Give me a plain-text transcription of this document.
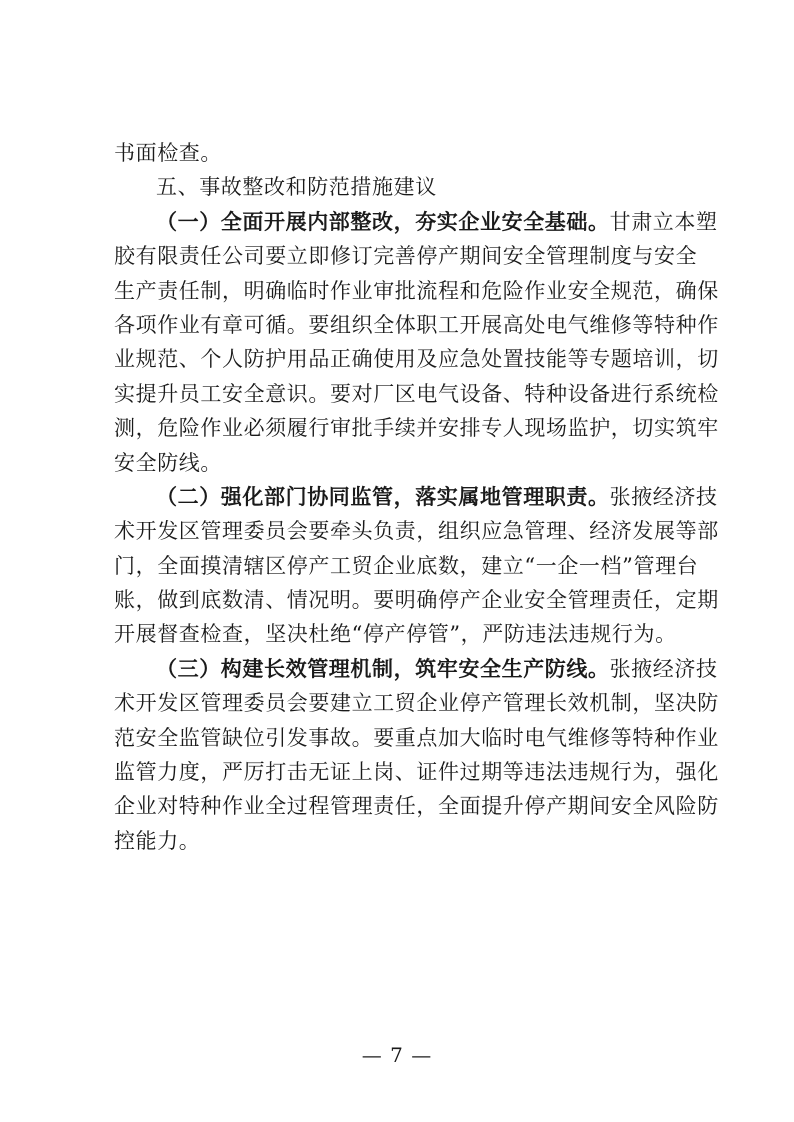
书面检查。
五、事故整改和防范措施建议
（一）全面开展内部整改，夯实企业安全基础。甘肃立本塑
胶有限责任公司要立即修订完善停产期间安全管理制度与安全
生产责任制，明确临时作业审批流程和危险作业安全规范，确保
各项作业有章可循。要组织全体职工开展高处电气维修等特种作
业规范、个人防护用品正确使用及应急处置技能等专题培训，切
实提升员工安全意识。要对厂区电气设备、特种设备进行系统检
测，危险作业必须履行审批手续并安排专人现场监护，切实筑牢
安全防线。
（二）强化部门协同监管，落实属地管理职责。张掖经济技
术开发区管理委员会要牵头负责，组织应急管理、经济发展等部
门，全面摸清辖区停产工贸企业底数，建立“一企一档”管理台
账，做到底数清、情况明。要明确停产企业安全管理责任，定期
开展督查检查，坚决杜绝“停产停管”，严防违法违规行为。
（三）构建长效管理机制，筑牢安全生产防线。张掖经济技
术开发区管理委员会要建立工贸企业停产管理长效机制，坚决防
范安全监管缺位引发事故。要重点加大临时电气维修等特种作业
监管力度，严厉打击无证上岗、证件过期等违法违规行为，强化
企业对特种作业全过程管理责任，全面提升停产期间安全风险防
控能力。
— 7 —
